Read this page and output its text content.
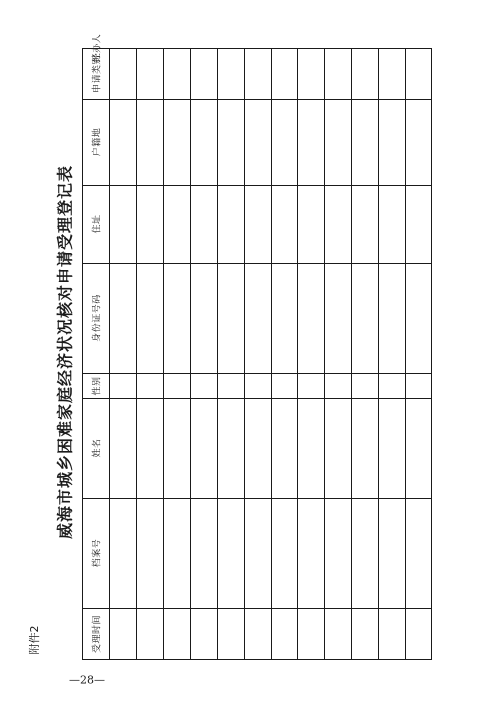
附件2
威海市城乡困难家庭经济状况核对申请受理登记表
—28—
受理时间
档案号
姓名
性别
身份证号码
住址
户籍地
申请类别
经办人
